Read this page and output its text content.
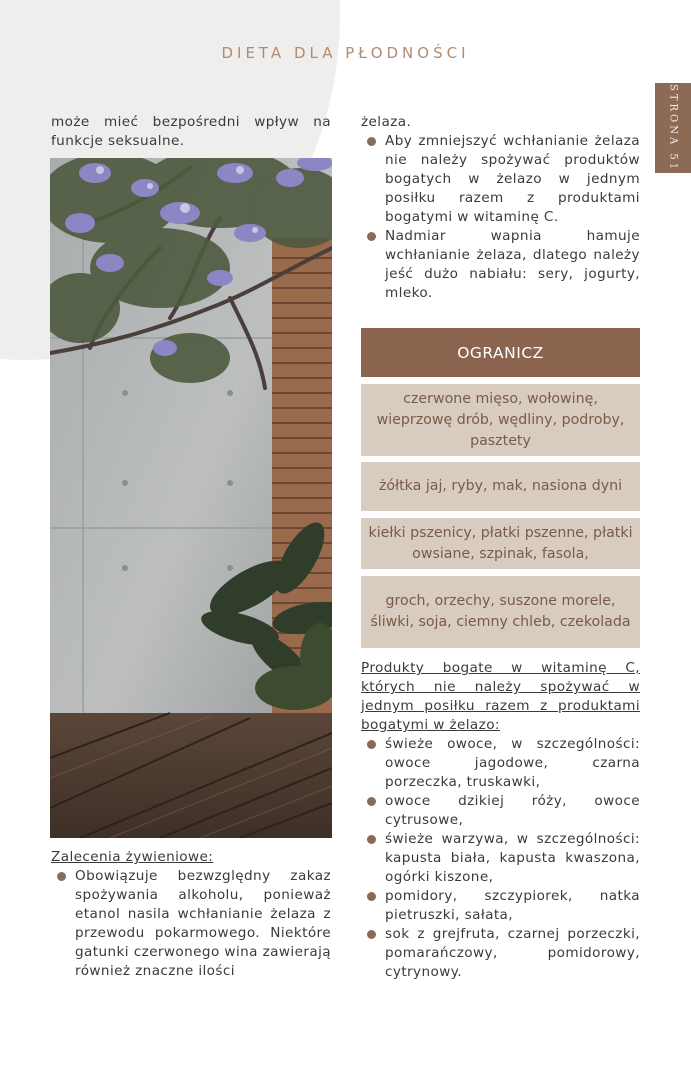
DIETA DLA PŁODNOŚCI
STRONA 51
może mieć bezpośredni wpływ na funkcje seksualne.
Zalecenia żywieniowe:
Obowiązuje bezwzględny zakaz spożywania alkoholu, ponieważ etanol nasila wchłanianie żelaza z przewodu pokarmowego. Niektóre gatunki czerwonego wina zawierają również znaczne ilości
żelaza.
Aby zmniejszyć wchłanianie żelaza nie należy spożywać produktów bogatych w żelazo w jednym posiłku razem z produktami bogatymi w witaminę C.
Nadmiar wapnia hamuje wchłanianie żelaza, dlatego należy jeść dużo nabiału: sery, jogurty, mleko.
OGRANICZ
czerwone mięso, wołowinę, wieprzowę drób, wędliny, podroby, pasztety
żółtka jaj, ryby, mak, nasiona dyni
kiełki pszenicy, płatki pszenne, płatki owsiane, szpinak, fasola,
groch, orzechy, suszone morele, śliwki, soja, ciemny chleb, czekolada
Produkty bogate w witaminę C, których nie należy spożywać w jednym posiłku razem z produktami bogatymi w żelazo:
świeże owoce, w szczególności: owoce jagodowe, czarna porzeczka, truskawki,
owoce dzikiej róży, owoce cytrusowe,
świeże warzywa, w szczególności: kapusta biała, kapusta kwaszona, ogórki kiszone,
pomidory, szczypiorek, natka pietruszki, sałata,
sok z grejfruta, czarnej porzeczki, pomarańczowy, pomidorowy, cytrynowy.
